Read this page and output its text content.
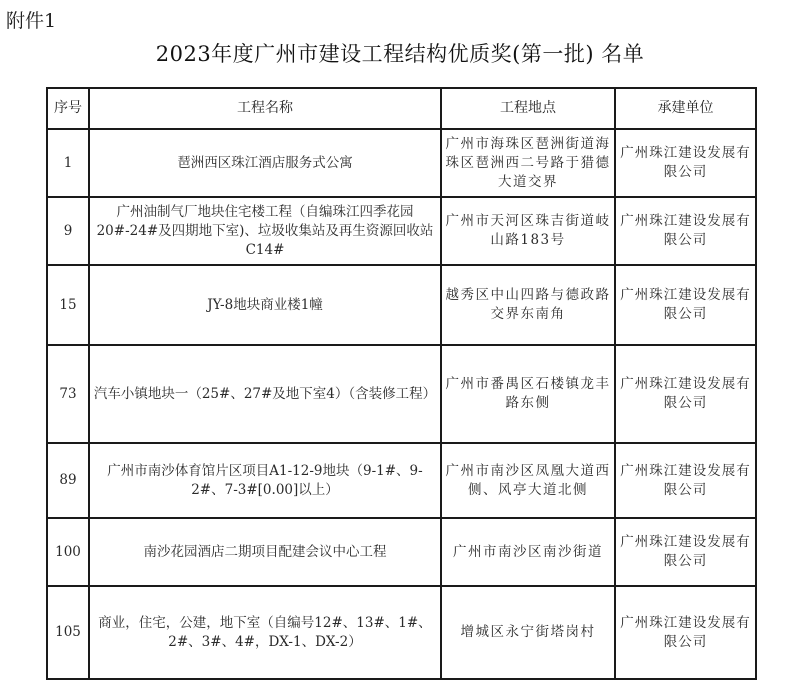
附件1
2023年度广州市建设工程结构优质奖(第一批) 名单
序号	工程名称	工程地点	承建单位
1	琶洲西区珠江酒店服务式公寓	广州市海珠区琶洲街道海珠区琶洲西二号路于猎德大道交界	广州珠江建设发展有限公司
9	广州油制气厂地块住宅楼工程（自编珠江四季花园20#-24#及四期地下室)、垃圾收集站及再生资源回收站C14#	广州市天河区珠吉街道岐山路183号	广州珠江建设发展有限公司
15	JY-8地块商业楼1幢	越秀区中山四路与德政路交界东南角	广州珠江建设发展有限公司
73	汽车小镇地块一（25#、27#及地下室4）（含装修工程）	广州市番禺区石楼镇龙丰路东侧	广州珠江建设发展有限公司
89	广州市南沙体育馆片区项目A1-12-9地块（9-1#、9-2#、7-3#[0.00]以上）	广州市南沙区凤凰大道西侧、风亭大道北侧	广州珠江建设发展有限公司
100	南沙花园酒店二期项目配建会议中心工程	广州市南沙区南沙街道	广州珠江建设发展有限公司
105	商业，住宅，公建，地下室（自编号12#、13#、1#、2#、3#、4#，DX-1、DX-2）	增城区永宁街塔岗村	广州珠江建设发展有限公司
